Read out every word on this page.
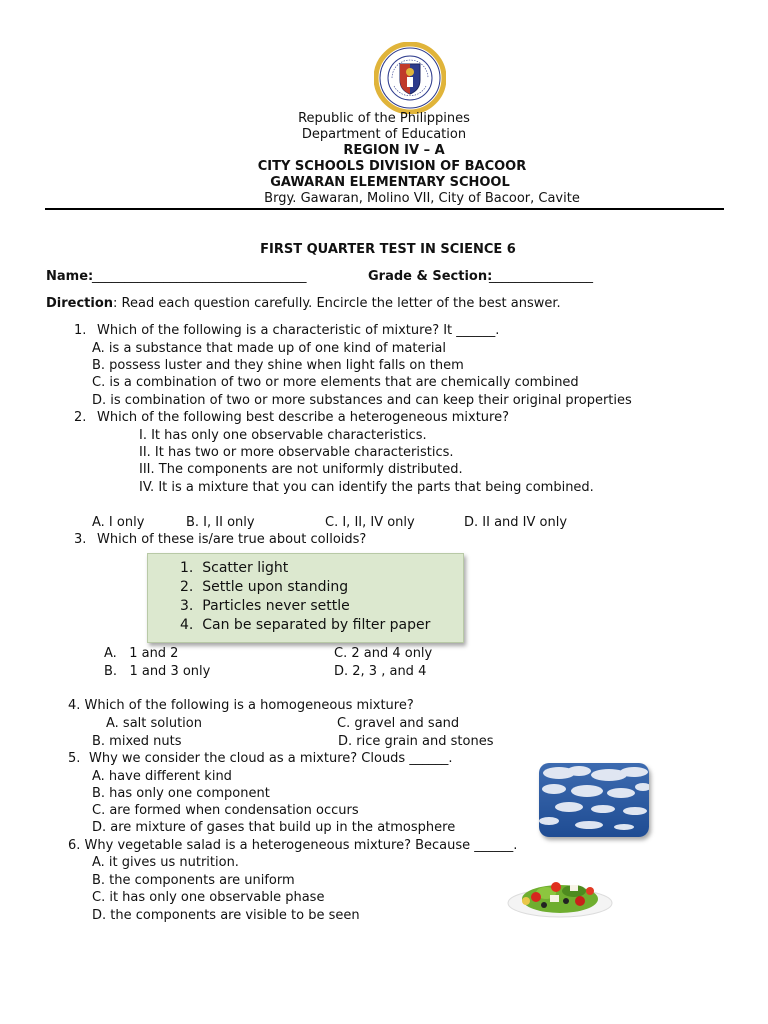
Republic of the Philippines
Department of Education
REGION IV – A
CITY SCHOOLS DIVISION OF BACOOR
GAWARAN ELEMENTARY SCHOOL
Brgy. Gawaran, Molino VII, City of Bacoor, Cavite
FIRST QUARTER TEST IN SCIENCE 6
Name:
_________________________________	Grade & Section:
________________
Direction: Read each question carefully. Encircle the letter of the best answer.
1. Which of the following is a characteristic of mixture? It ______.
A. is a substance that made up of one kind of material
B. possess luster and they shine when light falls on them
C. is a combination of two or more elements that are chemically combined
D. is combination of two or more substances and can keep their original properties
2. Which of the following best describe a heterogeneous mixture?
I. It has only one observable characteristics.
II. It has two or more observable characteristics.
III. The components are not uniformly distributed.
IV. It is a mixture that you can identify the parts that being combined.
A. I only	B. I, II only	C. I, II, IV only	D. II and IV only
3. Which of these is/are true about colloids?
1.  Scatter light
2.  Settle upon standing
3.  Particles never settle
4.  Can be separated by filter paper
A.   1 and 2
B.   1 and 3 only
C. 2 and 4 only
D. 2, 3 , and 4
4. Which of the following is a homogeneous mixture?
A. salt solution
B. mixed nuts
C. gravel and sand
D. rice grain and stones
5. Why we consider the cloud as a mixture? Clouds ______.
A. have different kind
B. has only one component
C. are formed when condensation occurs
D. are mixture of gases that build up in the atmosphere
6. Why vegetable salad is a heterogeneous mixture? Because ______.
A. it gives us nutrition.
B. the components are uniform
C. it has only one observable phase
D. the components are visible to be seen
